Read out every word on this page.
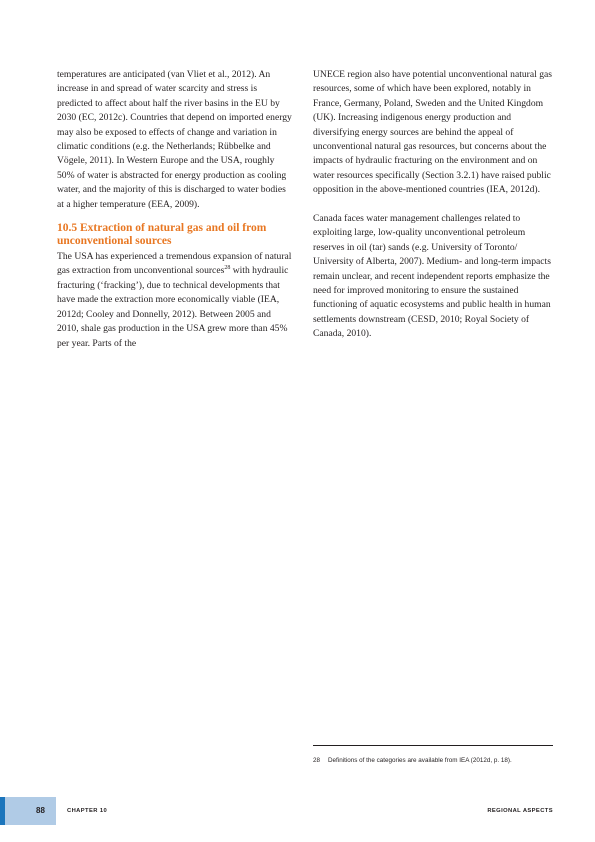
temperatures are anticipated (van Vliet et al., 2012). An increase in and spread of water scarcity and stress is predicted to affect about half the river basins in the EU by 2030 (EC, 2012c). Countries that depend on imported energy may also be exposed to effects of change and variation in climatic conditions (e.g. the Netherlands; Rübbelke and Vögele, 2011). In Western Europe and the USA, roughly 50% of water is abstracted for energy production as cooling water, and the majority of this is discharged to water bodies at a higher temperature (EEA, 2009).

10.5 Extraction of natural gas and oil from unconventional sources

The USA has experienced a tremendous expansion of natural gas extraction from unconventional sources$^{28}$ with hydraulic fracturing (‘fracking’), due to technical developments that have made the extraction more economically viable (IEA, 2012d; Cooley and Donnelly, 2012). Between 2005 and 2010, shale gas production in the USA grew more than 45% per year. Parts of the

UNECE region also have potential unconventional natural gas resources, some of which have been explored, notably in France, Germany, Poland, Sweden and the United Kingdom (UK). Increasing indigenous energy production and diversifying energy sources are behind the appeal of unconventional natural gas resources, but concerns about the impacts of hydraulic fracturing on the environment and on water resources specifically (Section 3.2.1) have raised public opposition in the above-mentioned countries (IEA, 2012d).

Canada faces water management challenges related to exploiting large, low-quality unconventional petroleum reserves in oil (tar) sands (e.g. University of Toronto/ University of Alberta, 2007). Medium- and long-term impacts remain unclear, and recent independent reports emphasize the need for improved monitoring to ensure the sustained functioning of aquatic ecosystems and public health in human settlements downstream (CESD, 2010; Royal Society of Canada, 2010).

28 Definitions of the categories are available from IEA (2012d, p. 18).
88	CHAPTER 10	REGIONAL ASPECTS
